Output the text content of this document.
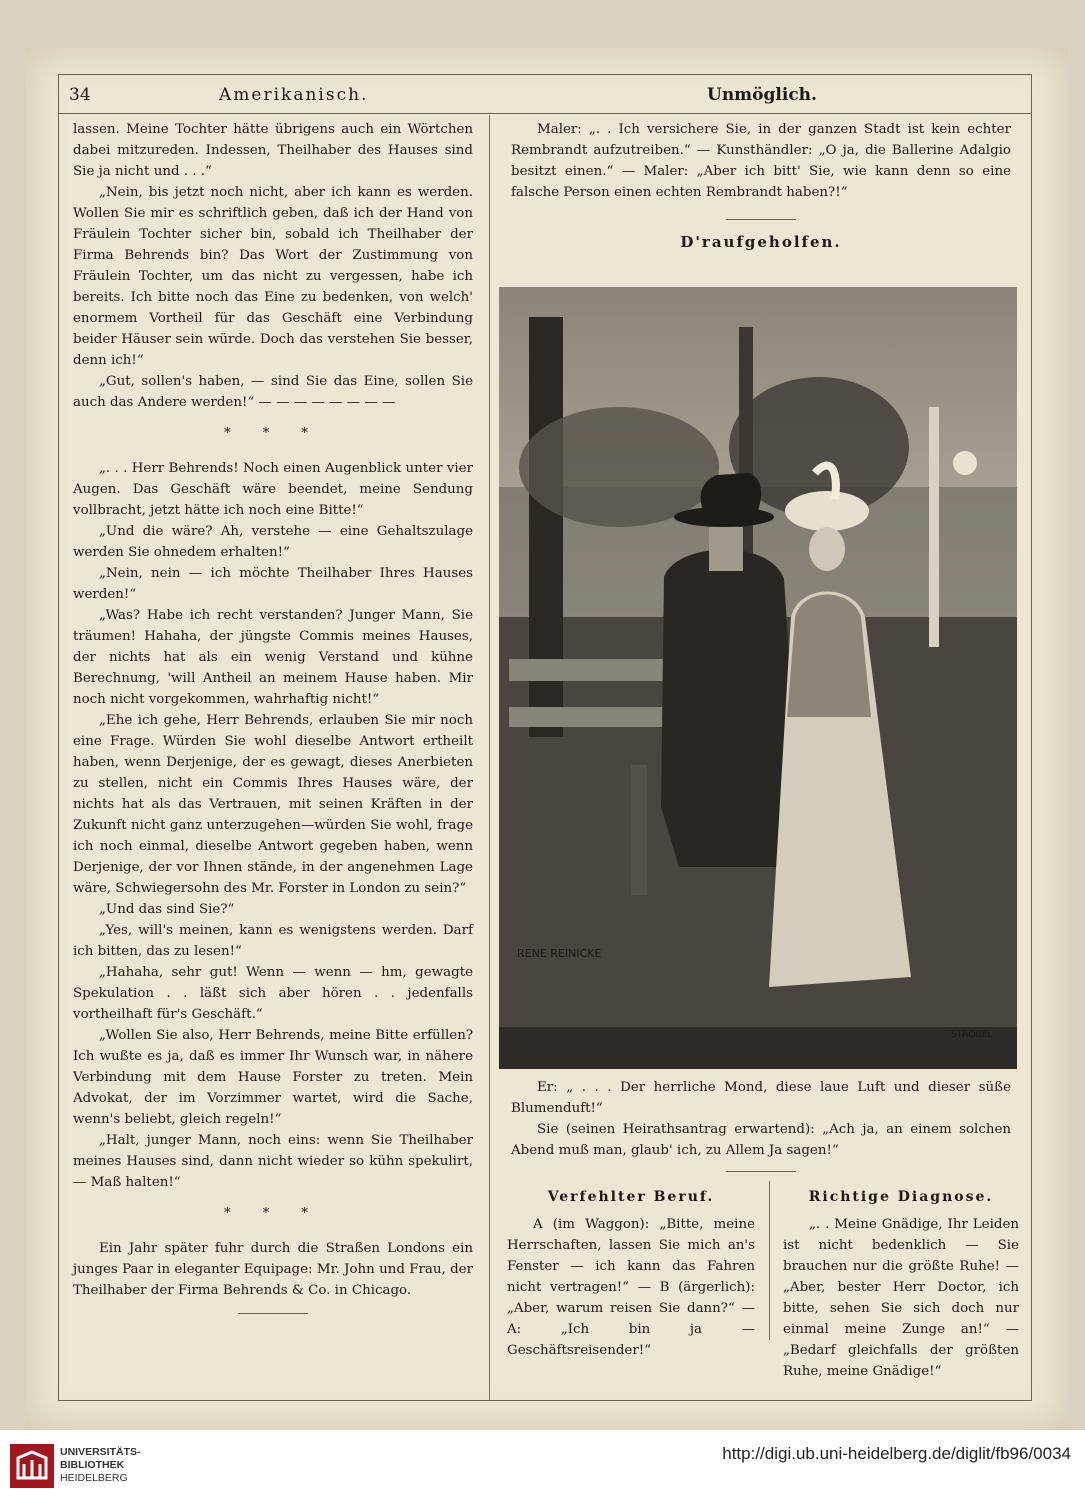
34	Amerikanisch.	Unmöglich.

lassen. Meine Tochter hätte übrigens auch ein Wörtchen dabei mitzureden. Indessen, Theilhaber des Hauses sind Sie ja nicht und . . .“

„Nein, bis jetzt noch nicht, aber ich kann es werden. Wollen Sie mir es schriftlich geben, daß ich der Hand von Fräulein Tochter sicher bin, sobald ich Theilhaber der Firma Behrends bin? Das Wort der Zustimmung von Fräulein Tochter, um das nicht zu vergessen, habe ich bereits. Ich bitte noch das Eine zu bedenken, von welch' enormem Vortheil für das Geschäft eine Verbindung beider Häuser sein würde. Doch das verstehen Sie besser, denn ich!“

„Gut, sollen's haben, — sind Sie das Eine, sollen Sie auch das Andere werden!“ — — — — — — — —

* * *

„. . . Herr Behrends! Noch einen Augenblick unter vier Augen. Das Geschäft wäre beendet, meine Sendung vollbracht, jetzt hätte ich noch eine Bitte!“

„Und die wäre? Ah, verstehe — eine Gehaltszulage werden Sie ohnedem erhalten!“

„Nein, nein — ich möchte Theilhaber Ihres Hauses werden!“

„Was? Habe ich recht verstanden? Junger Mann, Sie träumen! Hahaha, der jüngste Commis meines Hauses, der nichts hat als ein wenig Verstand und kühne Berechnung, 'will Antheil an meinem Hause haben. Mir noch nicht vorgekommen, wahrhaftig nicht!“

„Ehe ich gehe, Herr Behrends, erlauben Sie mir noch eine Frage. Würden Sie wohl dieselbe Antwort ertheilt haben, wenn Derjenige, der es gewagt, dieses Anerbieten zu stellen, nicht ein Commis Ihres Hauses wäre, der nichts hat als das Vertrauen, mit seinen Kräften in der Zukunft nicht ganz unterzugehen—würden Sie wohl, frage ich noch einmal, dieselbe Antwort gegeben haben, wenn Derjenige, der vor Ihnen stände, in der angenehmen Lage wäre, Schwiegersohn des Mr. Forster in London zu sein?“

„Und das sind Sie?“

„Yes, will's meinen, kann es wenigstens werden. Darf ich bitten, das zu lesen!“

„Hahaha, sehr gut! Wenn — wenn — hm, gewagte Spekulation . . läßt sich aber hören . . jedenfalls vortheilhaft für's Geschäft.“

„Wollen Sie also, Herr Behrends, meine Bitte erfüllen? Ich wußte es ja, daß es immer Ihr Wunsch war, in nähere Verbindung mit dem Hause Forster zu treten. Mein Advokat, der im Vorzimmer wartet, wird die Sache, wenn's beliebt, gleich regeln!“

„Halt, junger Mann, noch eins: wenn Sie Theilhaber meines Hauses sind, dann nicht wieder so kühn spekulirt, — Maß halten!“

* * *

Ein Jahr später fuhr durch die Straßen Londons ein junges Paar in eleganter Equipage: Mr. John und Frau, der Theilhaber der Firma Behrends & Co. in Chicago.

Maler: „. . Ich versichere Sie, in der ganzen Stadt ist kein echter Rembrandt aufzutreiben.“ — Kunsthändler: „O ja, die Ballerine Adalgio besitzt einen.“ — Maler: „Aber ich bitt' Sie, wie kann denn so eine falsche Person einen echten Rembrandt haben?!“

D'raufgeholfen.
RENE REINICKE
STROBEL

Er: „ . . . Der herrliche Mond, diese laue Luft und dieser süße Blumenduft!“

Sie (seinen Heirathsantrag erwartend): „Ach ja, an einem solchen Abend muß man, glaub' ich, zu Allem Ja sagen!“

Verfehlter Beruf.

A (im Waggon): „Bitte, meine Herrschaften, lassen Sie mich an's Fenster — ich kann das Fahren nicht vertragen!“ — B (ärgerlich): „Aber, warum reisen Sie dann?“ — A: „Ich bin ja — Geschäftsreisender!“

Richtige Diagnose.

„. . Meine Gnädige, Ihr Leiden ist nicht bedenklich — Sie brauchen nur die größte Ruhe! — „Aber, bester Herr Doctor, ich bitte, sehen Sie sich doch nur einmal meine Zunge an!“ — „Bedarf gleichfalls der größten Ruhe, meine Gnädige!“

UNIVERSITÄTS-
BIBLIOTHEK
HEIDELBERG
http://digi.ub.uni-heidelberg.de/diglit/fb96/0034
